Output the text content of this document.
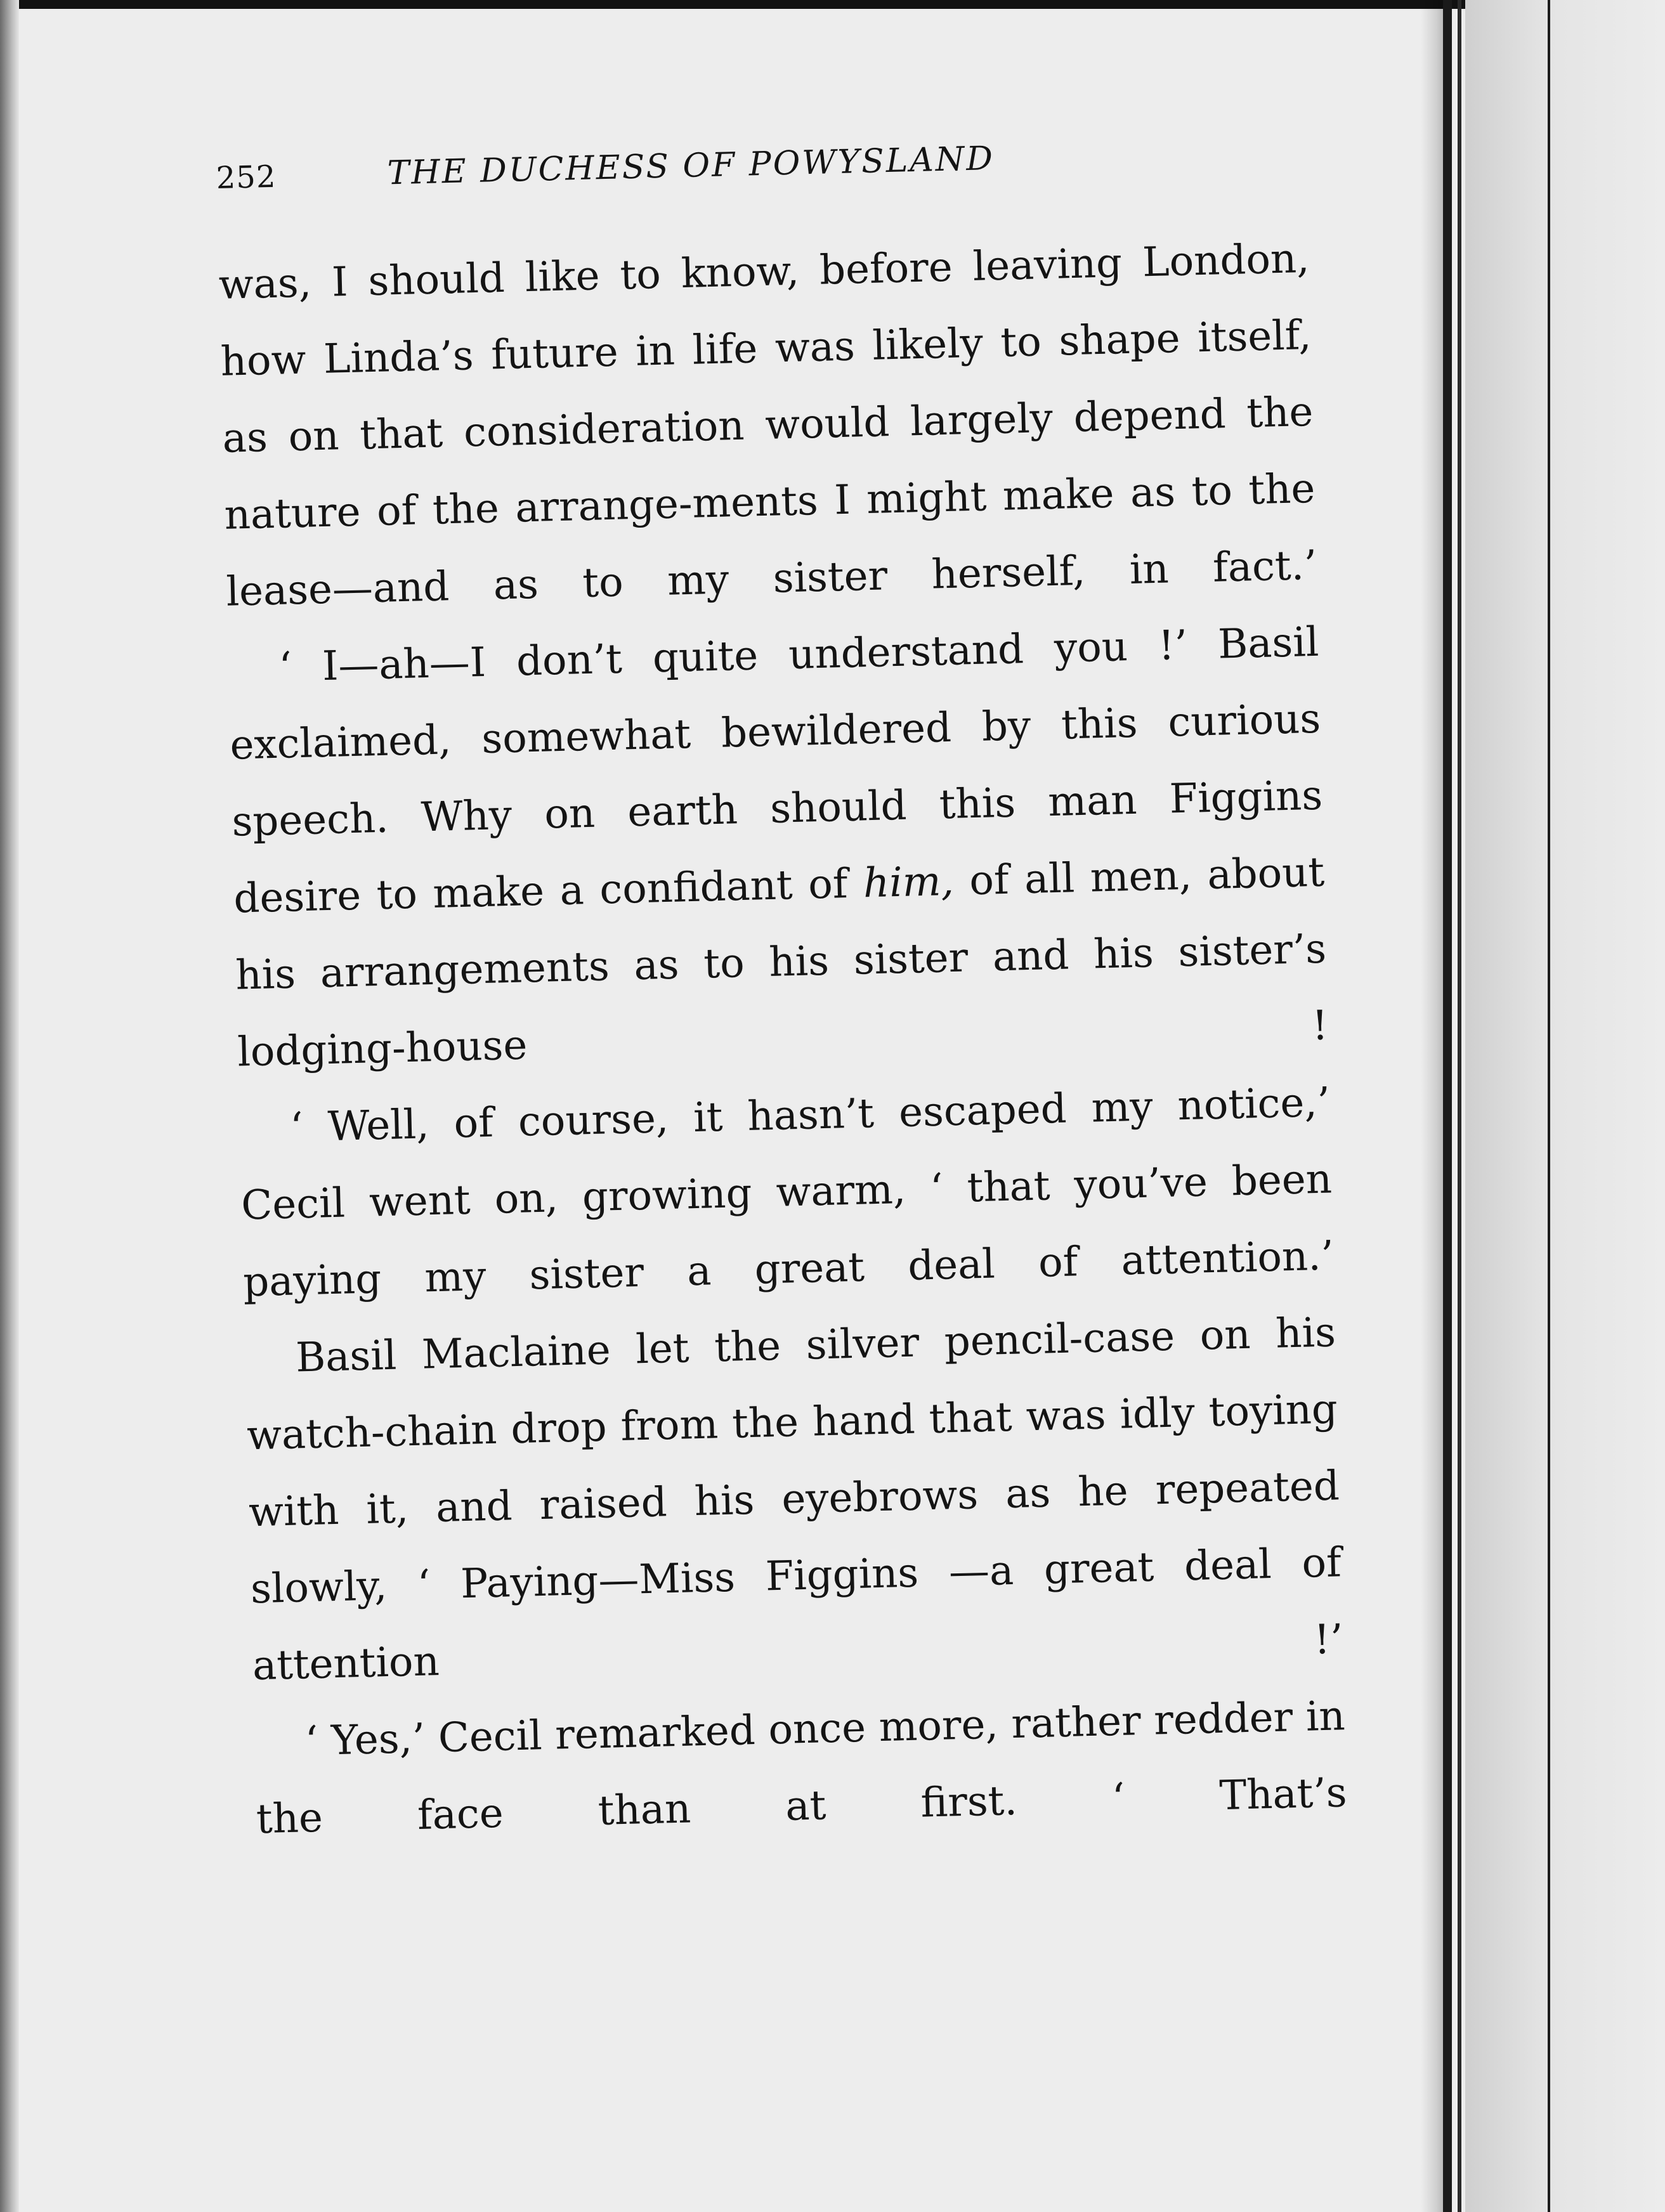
252	THE DUCHESS OF POWYSLAND

was, I should like to know, before leaving London, how Linda’s future in life was likely to shape itself, as on that consideration would largely depend the nature of the arrange-ments I might make as to the lease—and as to my sister herself, in fact.’

‘ I—ah—I don’t quite understand you !’ Basil exclaimed, somewhat bewildered by this curious speech. Why on earth should this man Figgins desire to make a confidant of him, of all men, about his arrangements as to his sister and his sister’s lodging-house !

‘ Well, of course, it hasn’t escaped my notice,’ Cecil went on, growing warm, ‘ that you’ve been paying my sister a great deal of attention.’

Basil Maclaine let the silver pencil-case on his watch-chain drop from the hand that was idly toying with it, and raised his eyebrows as he repeated slowly, ‘ Paying—Miss Figgins —a great deal of attention !’

‘ Yes,’ Cecil remarked once more, rather redder in the face than at first. ‘ That’s
